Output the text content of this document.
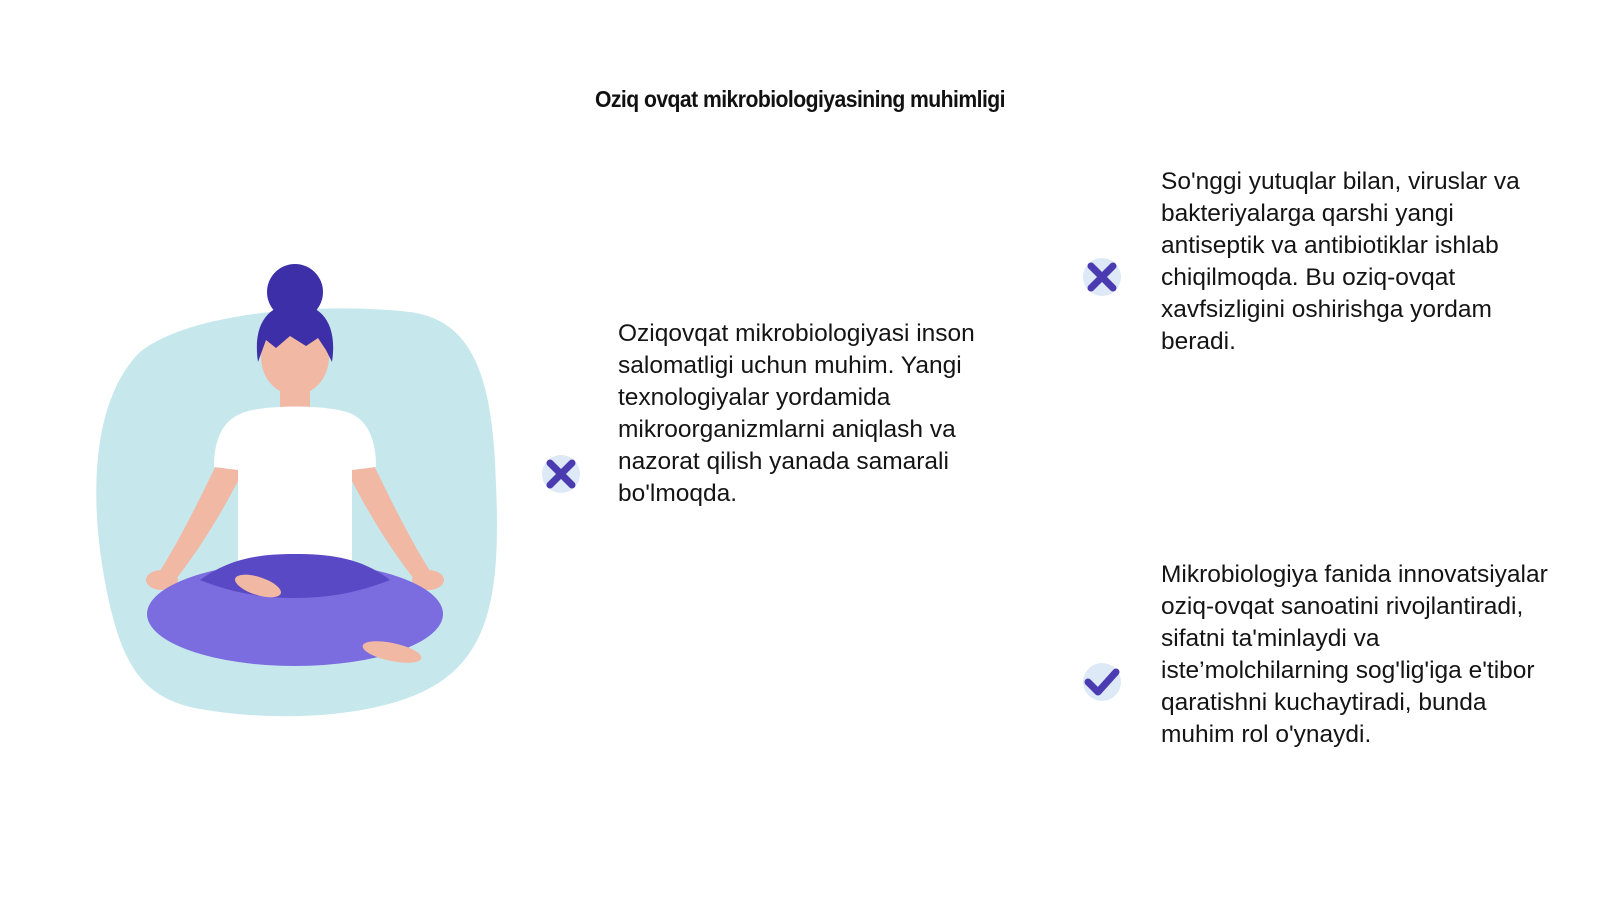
Oziq ovqat mikrobiologiyasining muhimligi

Oziqovqat mikrobiologiyasi inson salomatligi uchun muhim. Yangi texnologiyalar yordamida mikroorganizmlarni aniqlash va nazorat qilish yanada samarali bo'lmoqda.

So'nggi yutuqlar bilan, viruslar va bakteriyalarga qarshi yangi antiseptik va antibiotiklar ishlab chiqilmoqda. Bu oziq-ovqat xavfsizligini oshirishga yordam beradi.

Mikrobiologiya fanida innovatsiyalar oziq-ovqat sanoatini rivojlantiradi, sifatni ta'minlaydi va iste’molchilarning sog'lig'iga e'tibor qaratishni kuchaytiradi, bunda muhim rol o'ynaydi.
